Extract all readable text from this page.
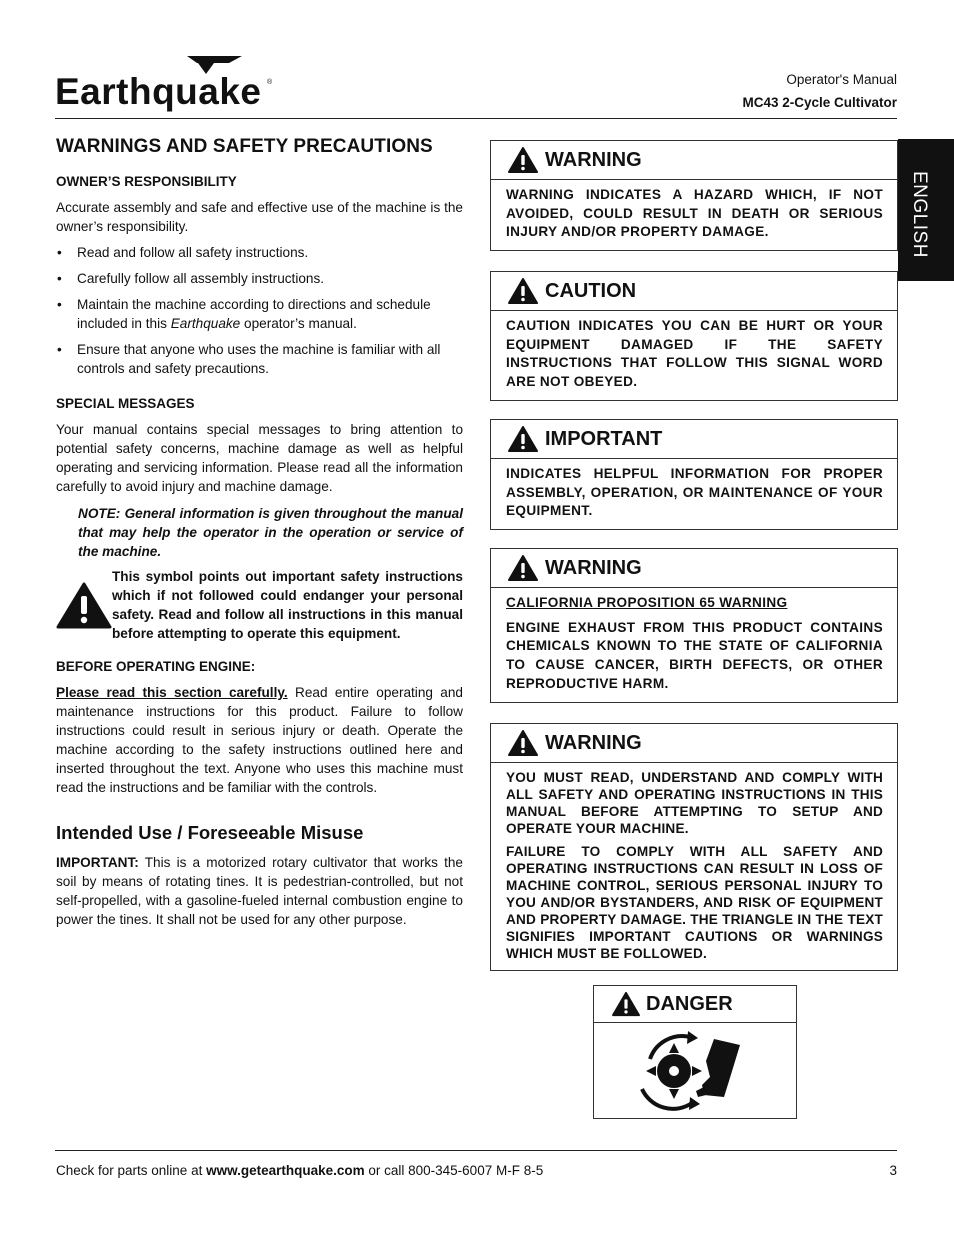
Earthquake ®	Operator's Manual
MC43 2-Cycle Cultivator
WARNINGS AND SAFETY PRECAUTIONS
OWNER’S RESPONSIBILITY

Accurate assembly and safe and effective use of the machine is the owner’s responsibility.

• Read and follow all safety instructions.
• Carefully follow all assembly instructions.
• Maintain the machine according to directions and schedule included in this Earthquake operator’s manual.
• Ensure that anyone who uses the machine is familiar with all controls and safety precautions.
SPECIAL MESSAGES

Your manual contains special messages to bring attention to potential safety concerns, machine damage as well as helpful operating and servicing information. Please read all the information carefully to avoid injury and machine damage.

NOTE: General information is given throughout the manual that may help the operator in the operation or service of the machine.

This symbol points out important safety instructions which if not followed could endanger your personal safety. Read and follow all instructions in this manual before attempting to operate this equipment.

BEFORE OPERATING ENGINE:

Please read this section carefully. Read entire operating and maintenance instructions for this product. Failure to follow instructions could result in serious injury or death. Operate the machine according to the safety instructions outlined here and inserted throughout the text. Anyone who uses this machine must read the instructions and be familiar with the controls.

Intended Use / Foreseeable Misuse

IMPORTANT: This is a motorized rotary cultivator that works the soil by means of rotating tines. It is pedestrian-controlled, but not self-propelled, with a gasoline-fueled internal combustion engine to power the tines. It shall not be used for any other purpose.

WARNING
WARNING INDICATES A HAZARD WHICH, IF NOT AVOIDED, COULD RESULT IN DEATH OR SERIOUS INJURY AND/OR PROPERTY DAMAGE.	ENGLISH
CAUTION
CAUTION INDICATES YOU CAN BE HURT OR YOUR EQUIPMENT DAMAGED IF THE SAFETY INSTRUCTIONS THAT FOLLOW THIS SIGNAL WORD ARE NOT OBEYED.
IMPORTANT
INDICATES HELPFUL INFORMATION FOR PROPER ASSEMBLY, OPERATION, OR MAINTENANCE OF YOUR EQUIPMENT.
WARNING

CALIFORNIA PROPOSITION 65 WARNING

ENGINE EXHAUST FROM THIS PRODUCT CONTAINS CHEMICALS KNOWN TO THE STATE OF CALIFORNIA TO CAUSE CANCER, BIRTH DEFECTS, OR OTHER REPRODUCTIVE HARM.

WARNING

YOU MUST READ, UNDERSTAND AND COMPLY WITH ALL SAFETY AND OPERATING INSTRUCTIONS IN THIS MANUAL BEFORE ATTEMPTING TO SETUP AND OPERATE YOUR MACHINE.

FAILURE TO COMPLY WITH ALL SAFETY AND OPERATING INSTRUCTIONS CAN RESULT IN LOSS OF MACHINE CONTROL, SERIOUS PERSONAL INJURY TO YOU AND/OR BYSTANDERS, AND RISK OF EQUIPMENT AND PROPERTY DAMAGE. THE TRIANGLE IN THE TEXT SIGNIFIES IMPORTANT CAUTIONS OR WARNINGS WHICH MUST BE FOLLOWED.

DANGER
Check for parts online at www.getearthquake.com or call 800-345-6007 M-F 8-5	3
